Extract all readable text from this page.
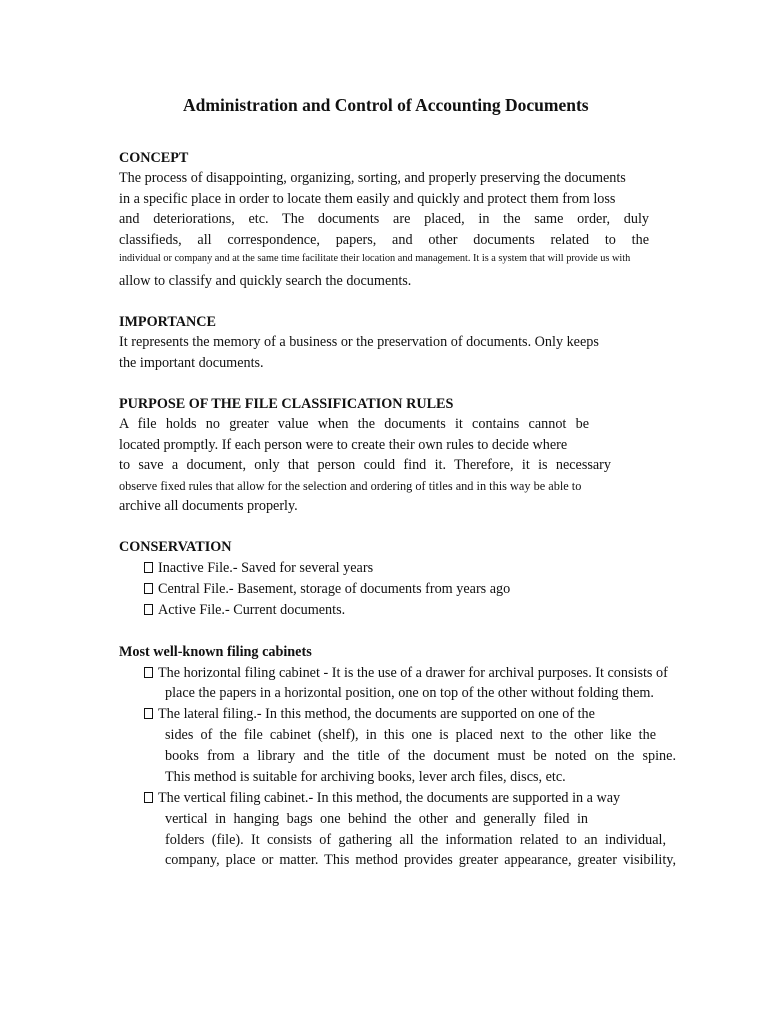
Administration and Control of Accounting Documents
CONCEPT
The process of disappointing, organizing, sorting, and properly preserving the documents
in a specific place in order to locate them easily and quickly and protect them from loss
and deteriorations, etc. The documents are placed, in the same order, duly
classifieds, all correspondence, papers, and other documents related to the
individual or company and at the same time facilitate their location and management. It is a system that will provide us with
allow to classify and quickly search the documents.
IMPORTANCE
It represents the memory of a business or the preservation of documents. Only keeps
the important documents.
PURPOSE OF THE FILE CLASSIFICATION RULES
A file holds no greater value when the documents it contains cannot be
located promptly. If each person were to create their own rules to decide where
to save a document, only that person could find it. Therefore, it is necessary
observe fixed rules that allow for the selection and ordering of titles and in this way be able to
archive all documents properly.
CONSERVATION
Inactive File.- Saved for several years
Central File.- Basement, storage of documents from years ago
Active File.- Current documents.
Most well-known filing cabinets
The horizontal filing cabinet - It is the use of a drawer for archival purposes. It consists of
place the papers in a horizontal position, one on top of the other without folding them.
The lateral filing.- In this method, the documents are supported on one of the
sides of the file cabinet (shelf), in this one is placed next to the other like the
books from a library and the title of the document must be noted on the spine.
This method is suitable for archiving books, lever arch files, discs, etc.
The vertical filing cabinet.- In this method, the documents are supported in a way
vertical in hanging bags one behind the other and generally filed in
folders (file). It consists of gathering all the information related to an individual,
company, place or matter. This method provides greater appearance, greater visibility,
